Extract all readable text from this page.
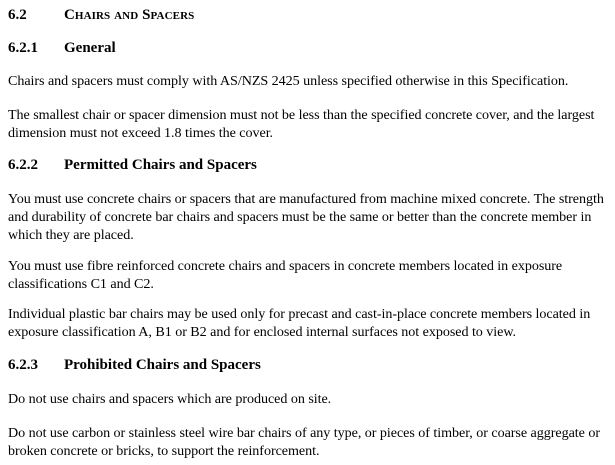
6.2 Chairs and Spacers
6.2.1 General

Chairs and spacers must comply with AS/NZS 2425 unless specified otherwise in this Specification.

The smallest chair or spacer dimension must not be less than the specified concrete cover, and the largest dimension must not exceed 1.8 times the cover.

6.2.2 Permitted Chairs and Spacers

You must use concrete chairs or spacers that are manufactured from machine mixed concrete. The strength and durability of concrete bar chairs and spacers must be the same or better than the concrete member in which they are placed.

You must use fibre reinforced concrete chairs and spacers in concrete members located in exposure classifications C1 and C2.

Individual plastic bar chairs may be used only for precast and cast-in-place concrete members located in exposure classification A, B1 or B2 and for enclosed internal surfaces not exposed to view.

6.2.3 Prohibited Chairs and Spacers

Do not use chairs and spacers which are produced on site.

Do not use carbon or stainless steel wire bar chairs of any type, or pieces of timber, or coarse aggregate or broken concrete or bricks, to support the reinforcement.
